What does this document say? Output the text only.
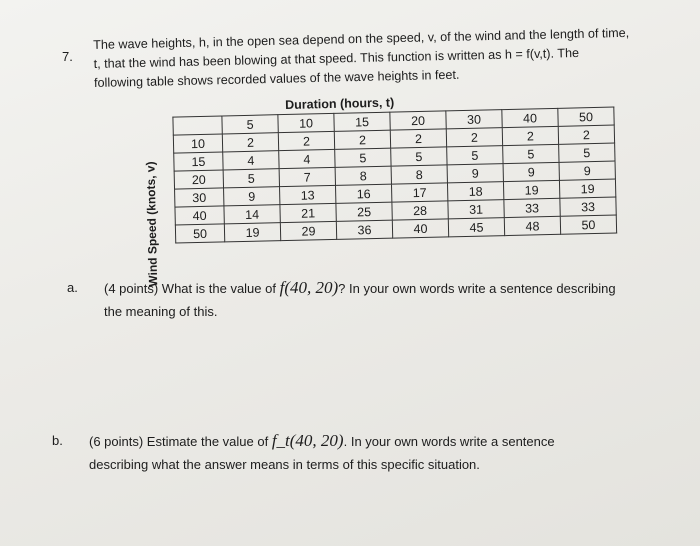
7.
The wave heights, h, in the open sea depend on the speed, v, of the wind and the length of time,
t, that the wind has been blowing at that speed. This function is written as h = f(v,t). The
following table shows recorded values of the wave heights in feet.
Duration (hours, t)
Wind Speed (knots, v)
	5	10	15	20	30	40	50
10	2	2	2	2	2	2	2
15	4	4	5	5	5	5	5
20	5	7	8	8	9	9	9
30	9	13	16	17	18	19	19
40	14	21	25	28	31	33	33
50	19	29	36	40	45	48	50
a. (4 points) What is the value of f(40, 20)? In your own words write a sentence describing
the meaning of this.
b. (6 points) Estimate the value of f_t(40, 20). In your own words write a sentence
describing what the answer means in terms of this specific situation.
